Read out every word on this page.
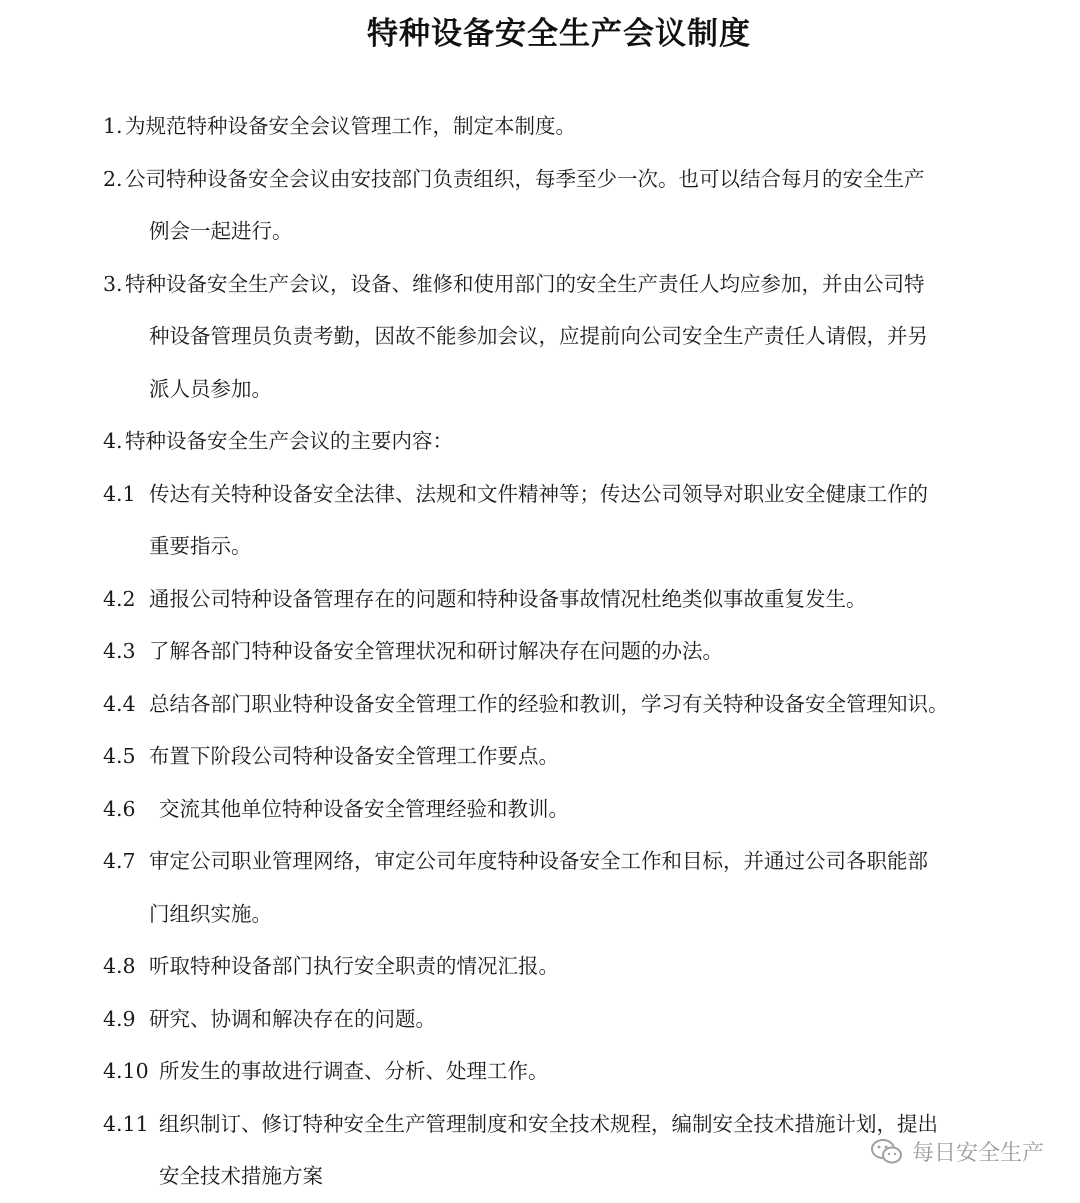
特种设备安全生产会议制度
1. 为规范特种设备安全会议管理工作，制定本制度。
2. 公司特种设备安全会议由安技部门负责组织，每季至少一次。也可以结合每月的安全生产
例会一起进行。
3. 特种设备安全生产会议，设备、维修和使用部门的安全生产责任人均应参加，并由公司特
种设备管理员负责考勤，因故不能参加会议，应提前向公司安全生产责任人请假，并另
派人员参加。
4. 特种设备安全生产会议的主要内容：
4.1 传达有关特种设备安全法律、法规和文件精神等；传达公司领导对职业安全健康工作的
重要指示。
4.2 通报公司特种设备管理存在的问题和特种设备事故情况杜绝类似事故重复发生。
4.3 了解各部门特种设备安全管理状况和研讨解决存在问题的办法。
4.4 总结各部门职业特种设备安全管理工作的经验和教训，学习有关特种设备安全管理知识。
4.5 布置下阶段公司特种设备安全管理工作要点。
4.6 交流其他单位特种设备安全管理经验和教训。
4.7 审定公司职业管理网络，审定公司年度特种设备安全工作和目标，并通过公司各职能部
门组织实施。
4.8 听取特种设备部门执行安全职责的情况汇报。
4.9 研究、协调和解决存在的问题。
4.10 所发生的事故进行调查、分析、处理工作。
4.11 组织制订、修订特种安全生产管理制度和安全技术规程，编制安全技术措施计划，提出
安全技术措施方案
每日安全生产
